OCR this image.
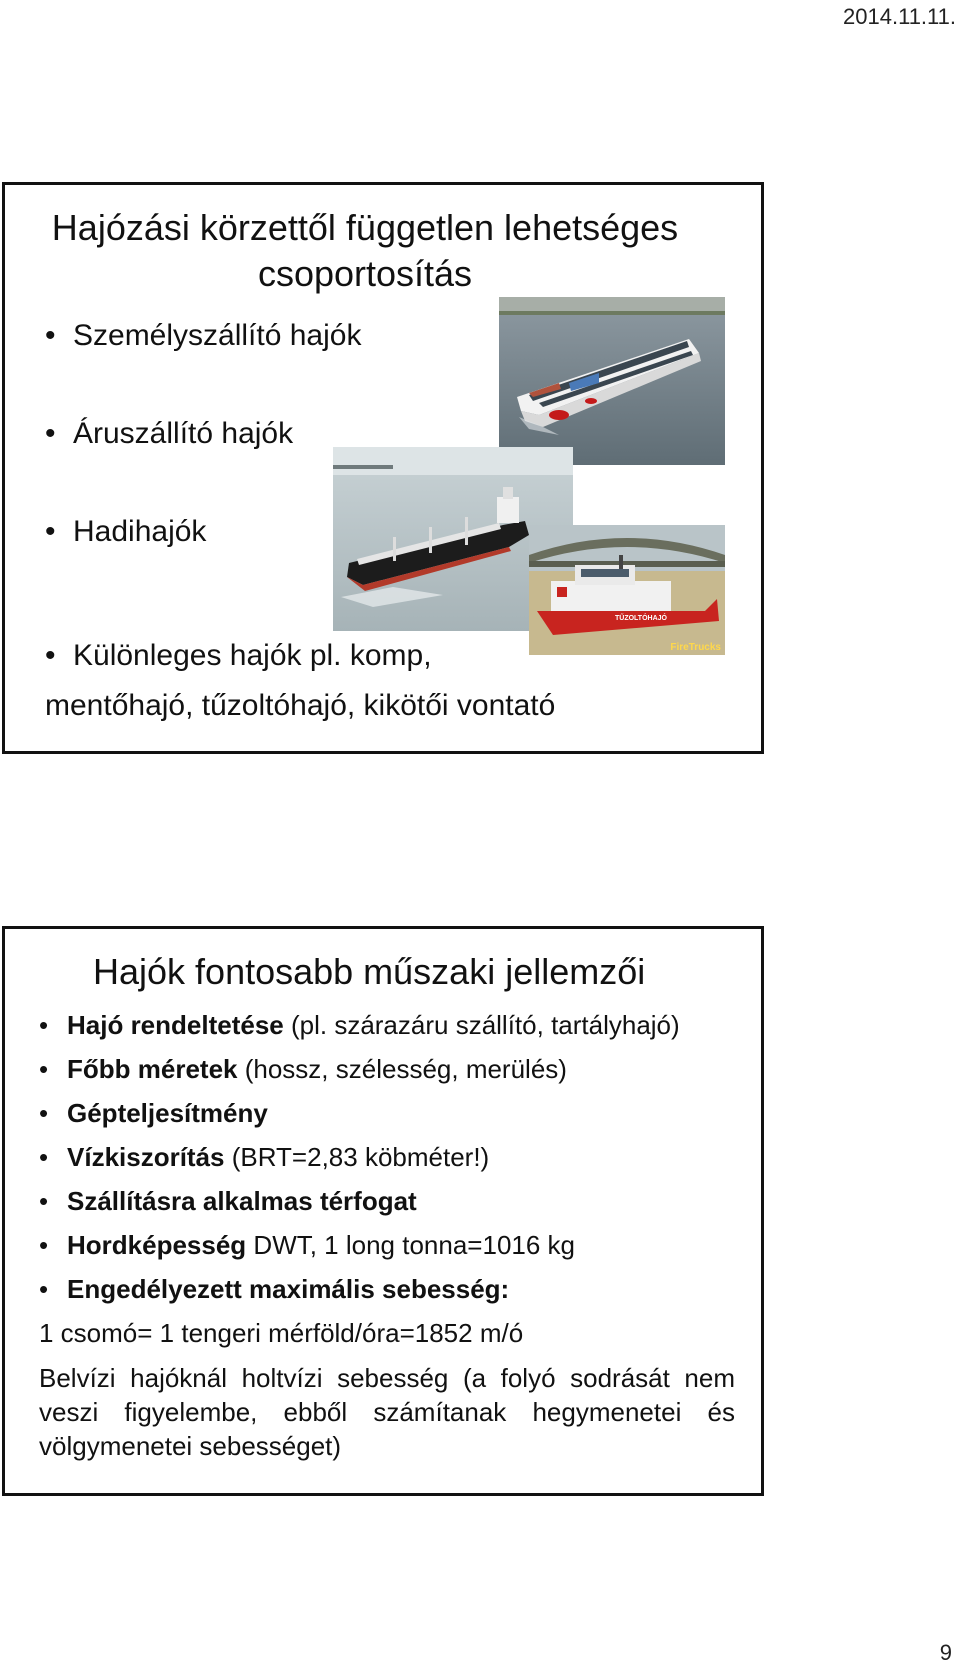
2014.11.11.
Hajózási körzettől független lehetséges
csoportosítás
• Személyszállító hajók
• Áruszállító hajók
• Hadihajók
• Különleges hajók pl. komp,
mentőhajó, tűzoltóhajó, kikötői vontató
TŰZOLTÓHAJÓ
FireTrucks
Hajók fontosabb műszaki jellemzői
• Hajó rendeltetése (pl. szárazáru szállító, tartályhajó)
• Főbb méretek (hossz, szélesség, merülés)
• Gépteljesítmény
• Vízkiszorítás (BRT=2,83 köbméter!)
• Szállításra alkalmas térfogat
• Hordképesség DWT, 1 long tonna=1016 kg
• Engedélyezett maximális sebesség:
1 csomó= 1 tengeri mérföld/óra=1852 m/ó
Belvízi hajóknál holtvízi sebesség (a folyó sodrását nem veszi figyelembe, ebből számítanak hegymenetei és völgymenetei sebességet)
9
